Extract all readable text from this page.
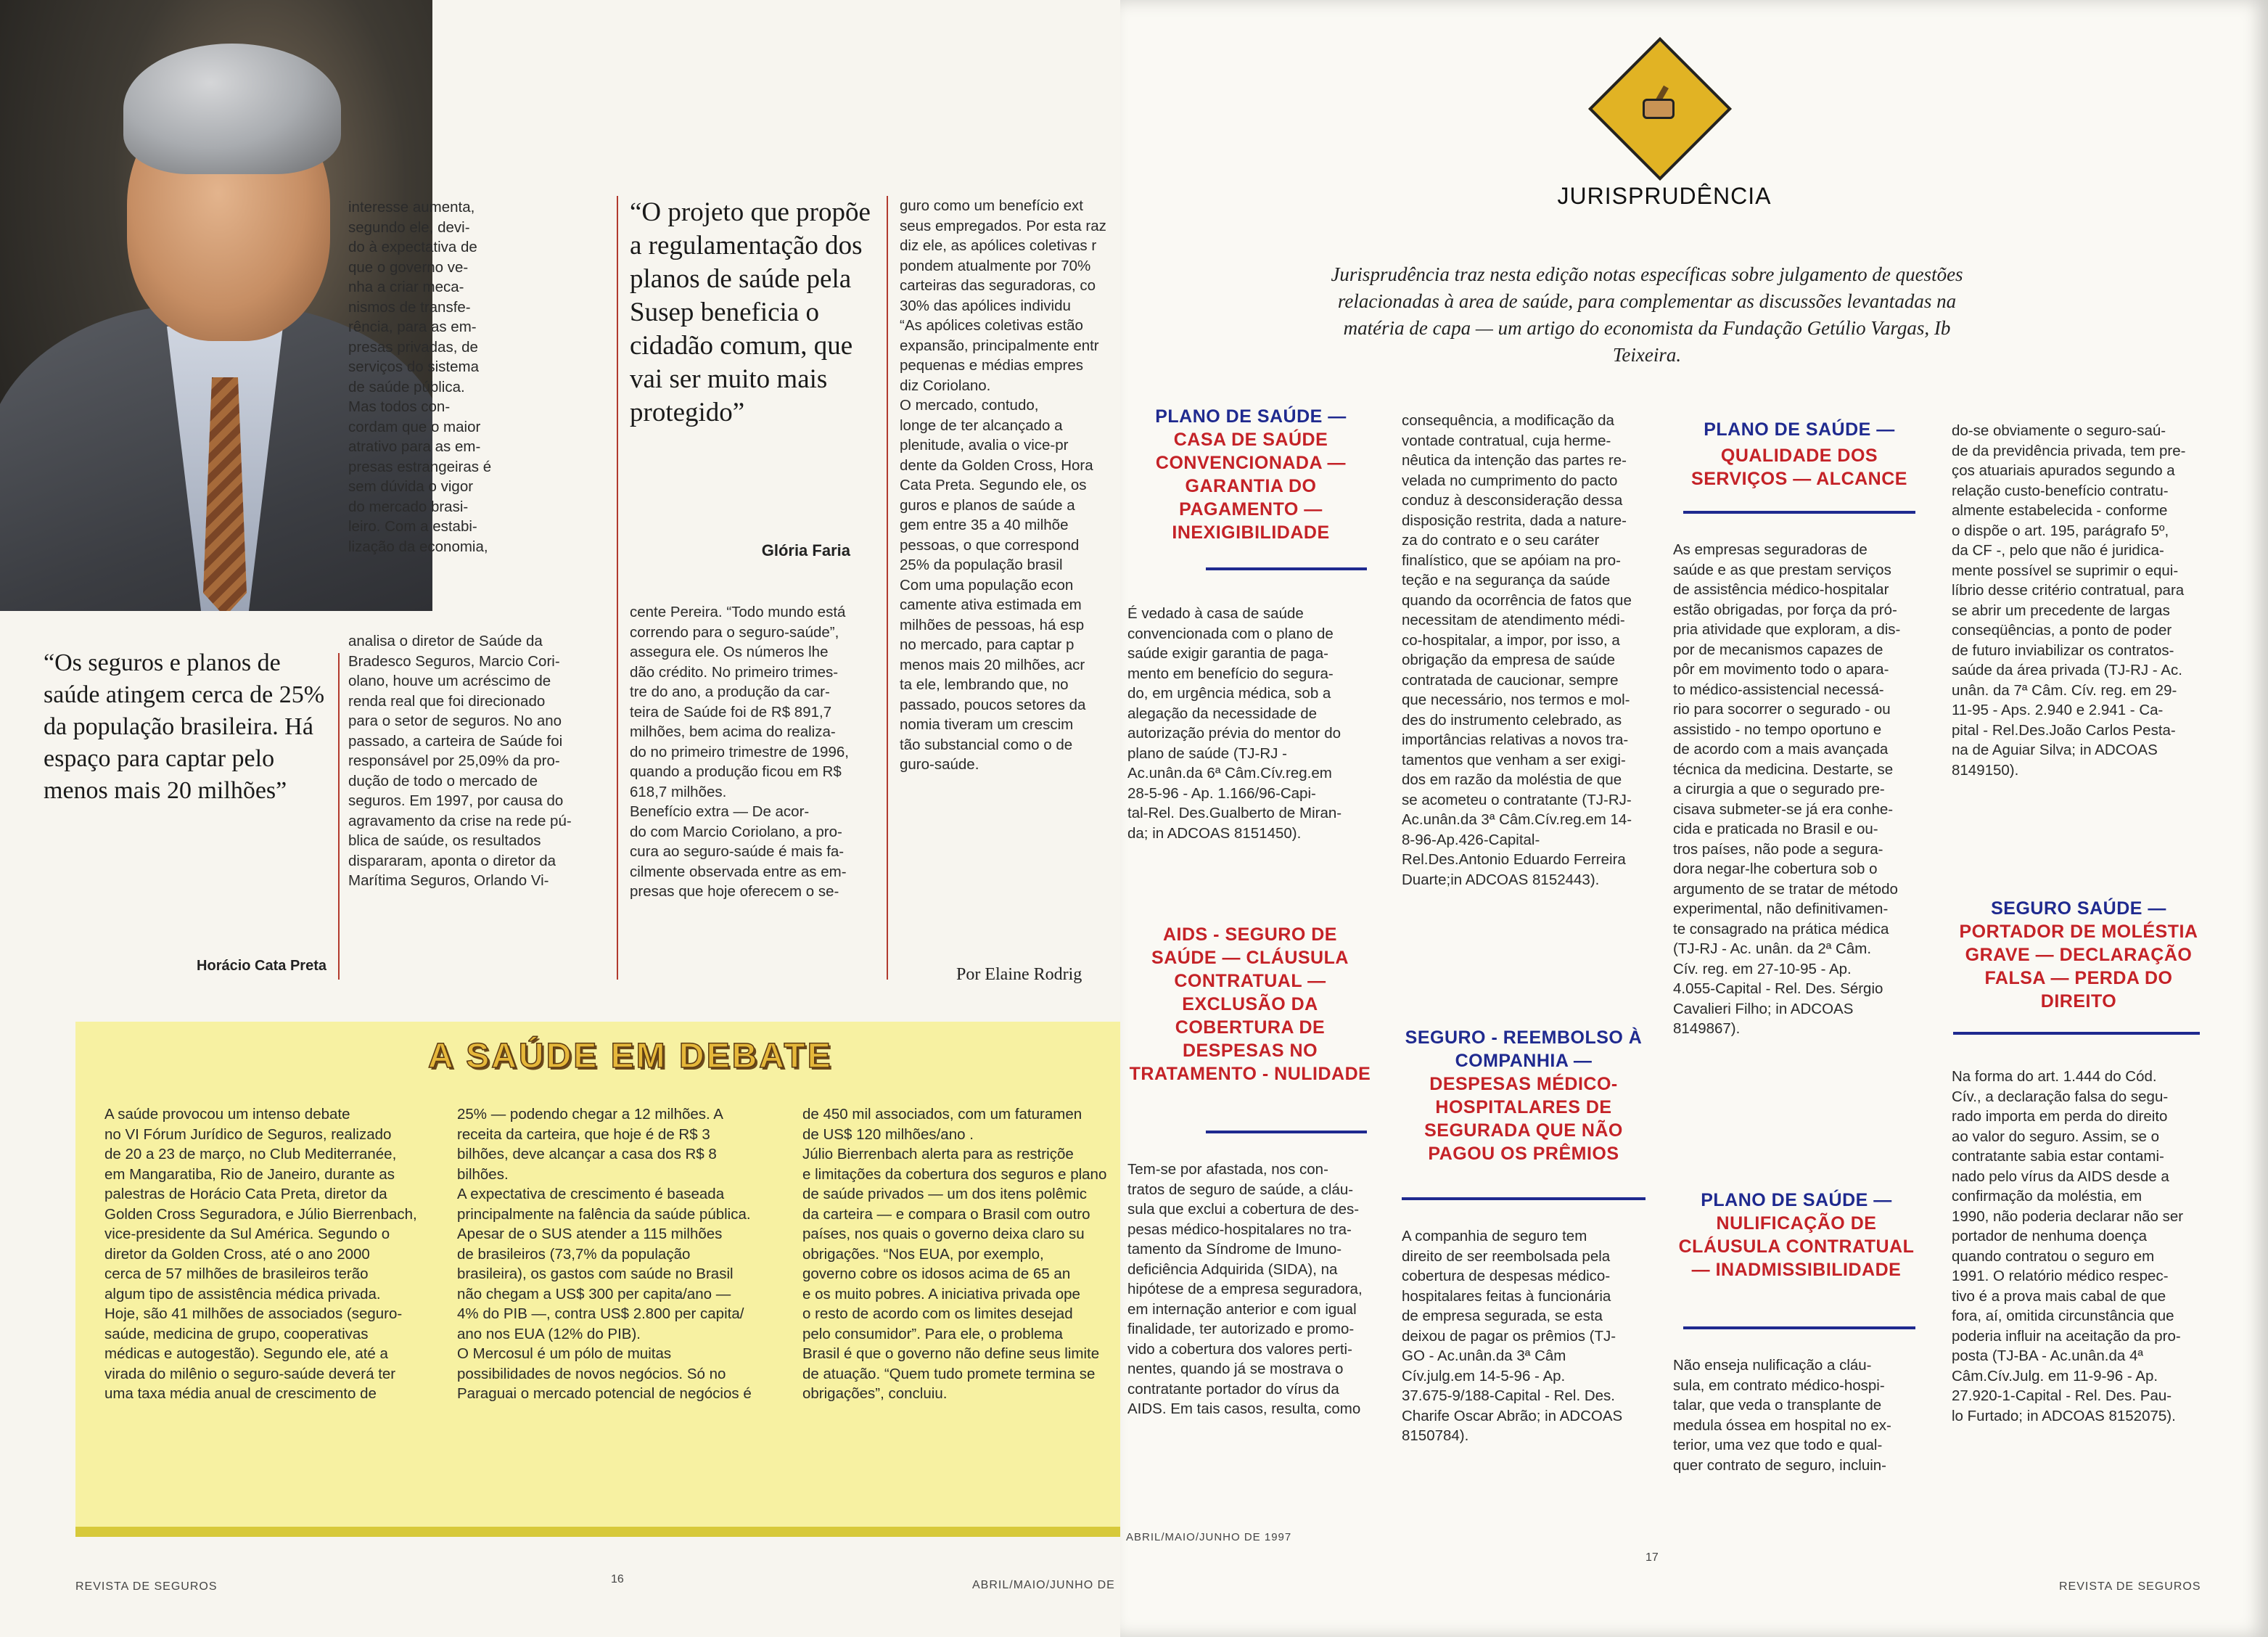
“Os seguros e planos de saúde atingem cerca de 25% da população brasileira. Há espaço para captar pelo menos mais 20 milhões”
Horácio Cata Preta
interesse aumenta,
segundo ele, devi-
do à expectativa de
que o governo ve-
nha a criar meca-
nismos de transfe-
rência, para as em-
presas privadas, de
serviços do sistema
de saúde pública.
Mas todos con-
cordam que o maior
atrativo para as em-
presas estrangeiras é
sem dúvida o vigor
do mercado brasi-
leiro. Com a estabi-
lização da economia,
analisa o diretor de Saúde da
Bradesco Seguros, Marcio Cori-
olano, houve um acréscimo de
renda real que foi direcionado
para o setor de seguros. No ano
passado, a carteira de Saúde foi
responsável por 25,09% da pro-
dução de todo o mercado de
seguros. Em 1997, por causa do
agravamento da crise na rede pú-
blica de saúde, os resultados
dispararam, aponta o diretor da
Marítima Seguros, Orlando Vi-
“O projeto que propõe a regulamentação dos planos de saúde pela Susep beneficia o cidadão comum, que vai ser muito mais protegido”
Glória Faria
cente Pereira. “Todo mundo está
correndo para o seguro-saúde”,
assegura ele. Os números lhe
dão crédito. No primeiro trimes-
tre do ano, a produção da car-
teira de Saúde foi de R$ 891,7
milhões, bem acima do realiza-
do no primeiro trimestre de 1996,
quando a produção ficou em R$
618,7 milhões.
Benefício extra — De acor-
do com Marcio Coriolano, a pro-
cura ao seguro-saúde é mais fa-
cilmente observada entre as em-
presas que hoje oferecem o se-
guro como um benefício ext
seus empregados. Por esta raz
diz ele, as apólices coletivas r
pondem atualmente por 70%
carteiras das seguradoras, co
30% das apólices individu
“As apólices coletivas estão
expansão, principalmente entr
pequenas e médias empres
diz Coriolano.
O mercado, contudo,
longe de ter alcançado a
plenitude, avalia o vice-pr
dente da Golden Cross, Hora
Cata Preta. Segundo ele, os
guros e planos de saúde a
gem entre 35 a 40 milhõe
pessoas, o que correspond
25% da população brasil
Com uma população econ
camente ativa estimada em
milhões de pessoas, há esp
no mercado, para captar p
menos mais 20 milhões, acr
ta ele, lembrando que, no
passado, poucos setores da
nomia tiveram um crescim
tão substancial como o de
guro-saúde.
Por Elaine Rodrig
A SAÚDE EM DEBATE
A saúde provocou um intenso debate
no VI Fórum Jurídico de Seguros, realizado
de 20 a 23 de março, no Club Mediterranée,
em Mangaratiba, Rio de Janeiro, durante as
palestras de Horácio Cata Preta, diretor da
Golden Cross Seguradora, e Júlio Bierrenbach,
vice-presidente da Sul América. Segundo o
diretor da Golden Cross, até o ano 2000
cerca de 57 milhões de brasileiros terão
algum tipo de assistência médica privada.
Hoje, são 41 milhões de associados (seguro-
saúde, medicina de grupo, cooperativas
médicas e autogestão). Segundo ele, até a
virada do milênio o seguro-saúde deverá ter
uma taxa média anual de crescimento de
25% — podendo chegar a 12 milhões. A
receita da carteira, que hoje é de R$ 3
bilhões, deve alcançar a casa dos R$ 8
bilhões.
A expectativa de crescimento é baseada
principalmente na falência da saúde pública.
Apesar de o SUS atender a 115 milhões
de brasileiros (73,7% da população
brasileira), os gastos com saúde no Brasil
não chegam a US$ 300 per capita/ano —
4% do PIB —, contra US$ 2.800 per capita/
ano nos EUA (12% do PIB).
O Mercosul é um pólo de muitas
possibilidades de novos negócios. Só no
Paraguai o mercado potencial de negócios é
de 450 mil associados, com um faturamen
de US$ 120 milhões/ano .
Júlio Bierrenbach alerta para as restriçõe
e limitações da cobertura dos seguros e plano
de saúde privados — um dos itens polêmic
da carteira — e compara o Brasil com outro
países, nos quais o governo deixa claro su
obrigações. “Nos EUA, por exemplo,
governo cobre os idosos acima de 65 an
e os muito pobres. A iniciativa privada ope
o resto de acordo com os limites desejad
pelo consumidor”. Para ele, o problema
Brasil é que o governo não define seus limite
de atuação. “Quem tudo promete termina se
obrigações”, concluiu.
REVISTA DE SEGUROS
16	ABRIL/MAIO/JUNHO DE
JURISPRUDÊNCIA
Jurisprudência traz nesta edição notas específicas sobre julgamento de questões relacionadas à area de saúde, para complementar as discussões levantadas na matéria de capa — um artigo do economista da Fundação Getúlio Vargas, Ib Teixeira.
PLANO DE SAÚDE —
CASA DE SAÚDE CONVENCIONADA — GARANTIA DO PAGAMENTO — INEXIGIBILIDADE
É vedado à casa de saúde
convencionada com o plano de
saúde exigir garantia de paga-
mento em benefício do segura-
do, em urgência médica, sob a
alegação da necessidade de
autorização prévia do mentor do
plano de saúde (TJ-RJ -
Ac.unân.da 6ª Câm.Cív.reg.em
28-5-96 - Ap. 1.166/96-Capi-
tal-Rel. Des.Gualberto de Miran-
da; in ADCOAS 8151450).
AIDS - SEGURO DE SAÚDE — CLÁUSULA CONTRATUAL — EXCLUSÃO DA COBERTURA DE DESPESAS NO TRATAMENTO - NULIDADE
Tem-se por afastada, nos con-
tratos de seguro de saúde, a cláu-
sula que exclui a cobertura de des-
pesas médico-hospitalares no tra-
tamento da Síndrome de Imuno-
deficiência Adquirida (SIDA), na
hipótese de a empresa seguradora,
em internação anterior e com igual
finalidade, ter autorizado e promo-
vido a cobertura dos valores perti-
nentes, quando já se mostrava o
contratante portador do vírus da
AIDS. Em tais casos, resulta, como
consequência, a modificação da
vontade contratual, cuja herme-
nêutica da intenção das partes re-
velada no cumprimento do pacto
conduz à desconsideração dessa
disposição restrita, dada a nature-
za do contrato e o seu caráter
finalístico, que se apóiam na pro-
teção e na segurança da saúde
quando da ocorrência de fatos que
necessitam de atendimento médi-
co-hospitalar, a impor, por isso, a
obrigação da empresa de saúde
contratada de caucionar, sempre
que necessário, nos termos e mol-
des do instrumento celebrado, as
importâncias relativas a novos tra-
tamentos que venham a ser exigi-
dos em razão da moléstia de que
se acometeu o contratante (TJ-RJ-
Ac.unân.da 3ª Câm.Cív.reg.em 14-
8-96-Ap.426-Capital-
Rel.Des.Antonio Eduardo Ferreira
Duarte;in ADCOAS 8152443).
SEGURO - REEMBOLSO À COMPANHIA —
DESPESAS MÉDICO-HOSPITALARES DE SEGURADA QUE NÃO PAGOU OS PRÊMIOS
A companhia de seguro tem
direito de ser reembolsada pela
cobertura de despesas médico-
hospitalares feitas à funcionária
de empresa segurada, se esta
deixou de pagar os prêmios (TJ-
GO - Ac.unân.da 3ª Câm
Cív.julg.em 14-5-96 - Ap.
37.675-9/188-Capital - Rel. Des.
Charife Oscar Abrão; in ADCOAS
8150784).
PLANO DE SAÚDE —
QUALIDADE DOS SERVIÇOS — ALCANCE
As empresas seguradoras de
saúde e as que prestam serviços
de assistência médico-hospitalar
estão obrigadas, por força da pró-
pria atividade que exploram, a dis-
por de mecanismos capazes de
pôr em movimento todo o apara-
to médico-assistencial necessá-
rio para socorrer o segurado - ou
assistido - no tempo oportuno e
de acordo com a mais avançada
técnica da medicina. Destarte, se
a cirurgia a que o segurado pre-
cisava submeter-se já era conhe-
cida e praticada no Brasil e ou-
tros países, não pode a segura-
dora negar-lhe cobertura sob o
argumento de se tratar de método
experimental, não definitivamen-
te consagrado na prática médica
(TJ-RJ - Ac. unân. da 2ª Câm.
Cív. reg. em 27-10-95 - Ap.
4.055-Capital - Rel. Des. Sérgio
Cavalieri Filho; in ADCOAS
8149867).
PLANO DE SAÚDE —
NULIFICAÇÃO DE CLÁUSULA CONTRATUAL — INADMISSIBILIDADE
Não enseja nulificação a cláu-
sula, em contrato médico-hospi-
talar, que veda o transplante de
medula óssea em hospital no ex-
terior, uma vez que todo e qual-
quer contrato de seguro, incluin-
do-se obviamente o seguro-saú-
de da previdência privada, tem pre-
ços atuariais apurados segundo a
relação custo-benefício contratu-
almente estabelecida - conforme
o dispõe o art. 195, parágrafo 5º,
da CF -, pelo que não é juridica-
mente possível se suprimir o equi-
líbrio desse critério contratual, para
se abrir um precedente de largas
conseqüências, a ponto de poder
de futuro inviabilizar os contratos-
saúde da área privada (TJ-RJ - Ac.
unân. da 7ª Câm. Cív. reg. em 29-
11-95 - Aps. 2.940 e 2.941 - Ca-
pital - Rel.Des.João Carlos Pesta-
na de Aguiar Silva; in ADCOAS
8149150).
SEGURO SAÚDE —
PORTADOR DE MOLÉSTIA GRAVE — DECLARAÇÃO FALSA — PERDA DO DIREITO
Na forma do art. 1.444 do Cód.
Cív., a declaração falsa do segu-
rado importa em perda do direito
ao valor do seguro. Assim, se o
contratante sabia estar contami-
nado pelo vírus da AIDS desde a
confirmação da moléstia, em
1990, não poderia declarar não ser
portador de nenhuma doença
quando contratou o seguro em
1991. O relatório médico respec-
tivo é a prova mais cabal de que
fora, aí, omitida circunstância que
poderia influir na aceitação da pro-
posta (TJ-BA - Ac.unân.da 4ª
Câm.Cív.Julg. em 11-9-96 - Ap.
27.920-1-Capital - Rel. Des. Pau-
lo Furtado; in ADCOAS 8152075).
ABRIL/MAIO/JUNHO DE 1997
17
REVISTA DE SEGUROS
